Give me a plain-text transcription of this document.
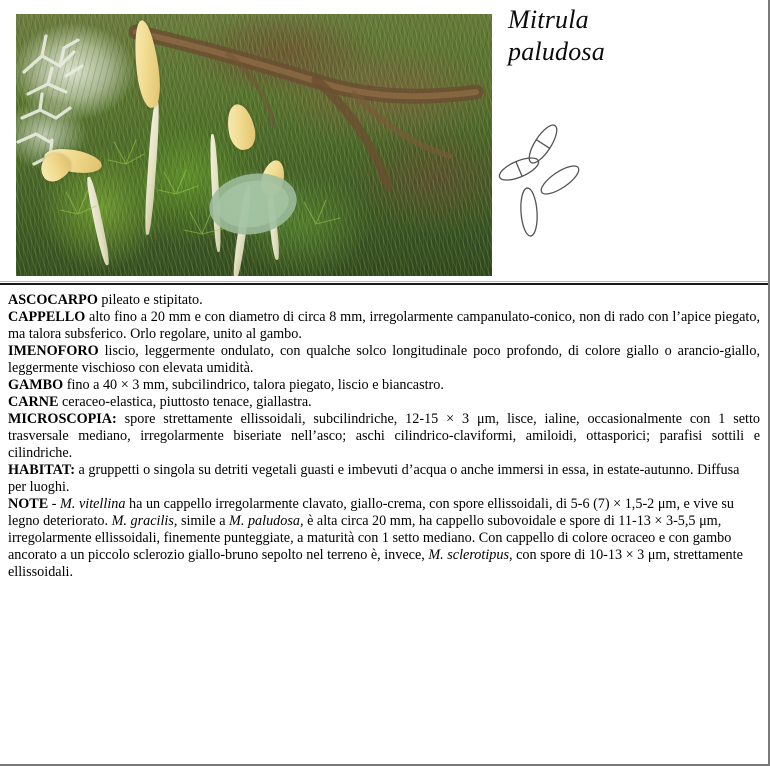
Mitrula
paludosa

ASCOCARPO pileato e stipitato.

CAPPELLO alto fino a 20 mm e con diametro di circa 8 mm, irregolarmente campanulato-conico, non di rado con l’apice piegato, ma talora subsferico. Orlo regolare, unito al gambo.

IMENOFORO liscio, leggermente ondulato, con qualche solco longitudinale poco profondo, di colore giallo o arancio-giallo, leggermente vischioso con elevata umidità.

GAMBO fino a 40 × 3 mm, subcilindrico, talora piegato, liscio e biancastro.

CARNE ceraceo-elastica, piuttosto tenace, giallastra.

MICROSCOPIA: spore strettamente ellissoidali, subcilindriche, 12-15 × 3 μm, lisce, ialine, occasionalmente con 1 setto trasversale mediano, irregolarmente biseriate nell’asco; aschi cilindrico-claviformi, amiloidi, ottasporici; parafisi sottili e cilindriche.

HABITAT: a gruppetti o singola su detriti vegetali guasti e imbevuti d’acqua o anche immersi in essa, in estate-autunno. Diffusa per luoghi.

NOTE - M. vitellina ha un cappello irregolarmente clavato, giallo-crema, con spore ellissoidali, di 5-6 (7) × 1,5-2 μm, e vive su legno deteriorato. M. gracilis, simile a M. paludosa, è alta circa 20 mm, ha cappello subovoidale e spore di 11-13 × 3-5,5 μm, irregolarmente ellissoidali, finemente punteggiate, a maturità con 1 setto mediano. Con cappello di colore ocraceo e con gambo ancorato a un piccolo sclerozio giallo-bruno sepolto nel terreno è, invece, M. sclerotipus, con spore di 10-13 × 3 μm, strettamente ellissoidali.
